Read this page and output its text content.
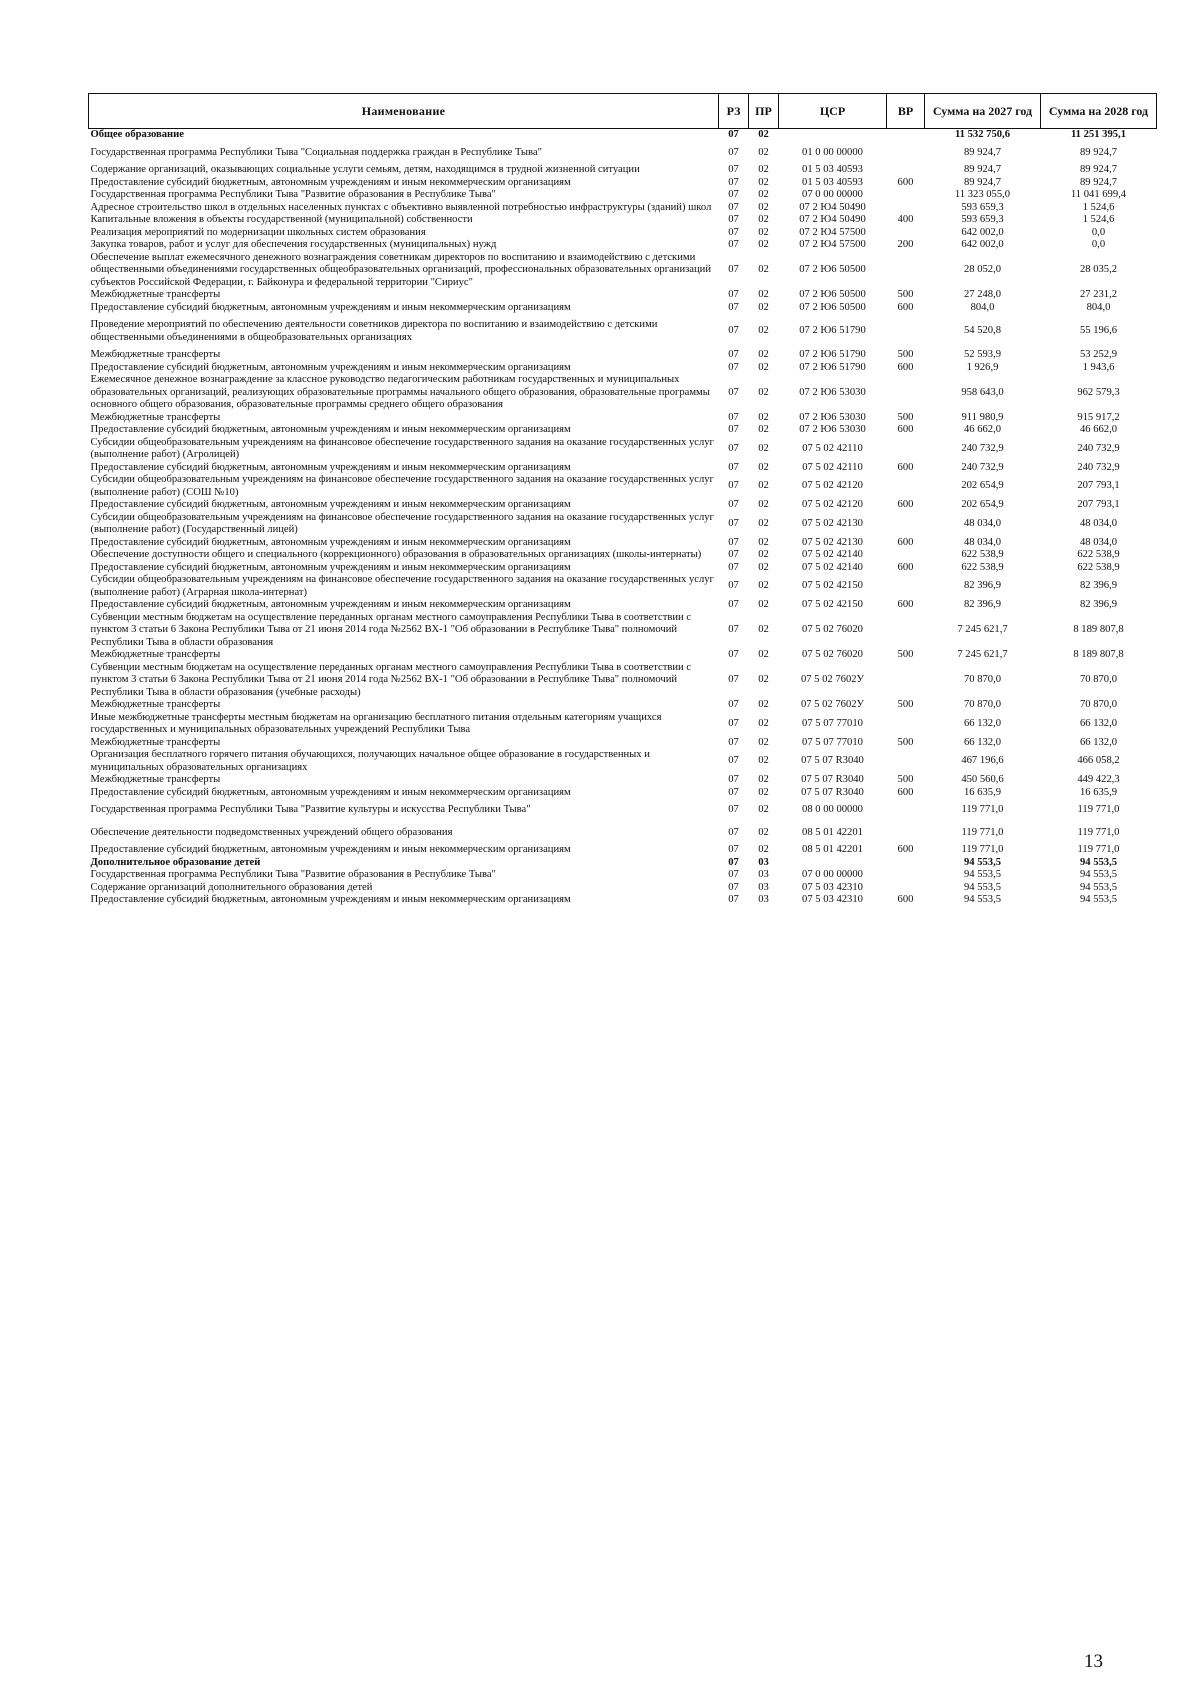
Наименование	РЗ	ПР	ЦСР	ВР	Сумма на 2027 год	Сумма на 2028 год
Общее образование	07	02			11 532 750,6	11 251 395,1
Государственная программа Республики Тыва "Социальная поддержка граждан в Республике Тыва"	07	02	01 0 00 00000		89 924,7	89 924,7
Содержание организаций, оказывающих социальные услуги семьям, детям, находящимся в трудной жизненной ситуации	07	02	01 5 03 40593		89 924,7	89 924,7
Предоставление субсидий бюджетным, автономным учреждениям и иным некоммерческим организациям	07	02	01 5 03 40593	600	89 924,7	89 924,7
Государственная программа Республики Тыва "Развитие образования в Республике Тыва"	07	02	07 0 00 00000		11 323 055,0	11 041 699,4
Адресное строительство школ в отдельных населенных пунктах с объективно выявленной потребностью инфраструктуры (зданий) школ	07	02	07 2 Ю4 50490		593 659,3	1 524,6
Капитальные вложения в объекты государственной (муниципальной) собственности	07	02	07 2 Ю4 50490	400	593 659,3	1 524,6
Реализация мероприятий по модернизации школьных систем образования	07	02	07 2 Ю4 57500		642 002,0	0,0
Закупка товаров, работ и услуг для обеспечения государственных (муниципальных) нужд	07	02	07 2 Ю4 57500	200	642 002,0	0,0
Обеспечение выплат ежемесячного денежного вознаграждения советникам директоров по воспитанию и взаимодействию с детскими общественными объединениями государственных общеобразовательных организаций, профессиональных образовательных организаций субъектов Российской Федерации, г. Байконура и федеральной территории "Сириус"	07	02	07 2 Ю6 50500		28 052,0	28 035,2
Межбюджетные трансферты	07	02	07 2 Ю6 50500	500	27 248,0	27 231,2
Предоставление субсидий бюджетным, автономным учреждениям и иным некоммерческим организациям	07	02	07 2 Ю6 50500	600	804,0	804,0
Проведение мероприятий по обеспечению деятельности советников директора по воспитанию и взаимодействию с детскими общественными объединениями в общеобразовательных организациях	07	02	07 2 Ю6 51790		54 520,8	55 196,6
Межбюджетные трансферты	07	02	07 2 Ю6 51790	500	52 593,9	53 252,9
Предоставление субсидий бюджетным, автономным учреждениям и иным некоммерческим организациям	07	02	07 2 Ю6 51790	600	1 926,9	1 943,6
Ежемесячное денежное вознаграждение за классное руководство педагогическим работникам государственных и муниципальных образовательных организаций, реализующих образовательные программы начального общего образования, образовательные программы основного общего образования, образовательные программы среднего общего образования	07	02	07 2 Ю6 53030		958 643,0	962 579,3
Межбюджетные трансферты	07	02	07 2 Ю6 53030	500	911 980,9	915 917,2
Предоставление субсидий бюджетным, автономным учреждениям и иным некоммерческим организациям	07	02	07 2 Ю6 53030	600	46 662,0	46 662,0
Субсидии общеобразовательным учреждениям на финансовое обеспечение государственного задания на оказание государственных услуг (выполнение работ) (Агролицей)	07	02	07 5 02 42110		240 732,9	240 732,9
Предоставление субсидий бюджетным, автономным учреждениям и иным некоммерческим организациям	07	02	07 5 02 42110	600	240 732,9	240 732,9
Субсидии общеобразовательным учреждениям на финансовое обеспечение государственного задания на оказание государственных услуг (выполнение работ) (СОШ №10)	07	02	07 5 02 42120		202 654,9	207 793,1
Предоставление субсидий бюджетным, автономным учреждениям и иным некоммерческим организациям	07	02	07 5 02 42120	600	202 654,9	207 793,1
Субсидии общеобразовательным учреждениям на финансовое обеспечение государственного задания на оказание государственных услуг (выполнение работ) (Государственный лицей)	07	02	07 5 02 42130		48 034,0	48 034,0
Предоставление субсидий бюджетным, автономным учреждениям и иным некоммерческим организациям	07	02	07 5 02 42130	600	48 034,0	48 034,0
Обеспечение доступности общего и специального (коррекционного) образования в образовательных организациях (школы-интернаты)	07	02	07 5 02 42140		622 538,9	622 538,9
Предоставление субсидий бюджетным, автономным учреждениям и иным некоммерческим организациям	07	02	07 5 02 42140	600	622 538,9	622 538,9
Субсидии общеобразовательным учреждениям на финансовое обеспечение государственного задания на оказание государственных услуг (выполнение работ) (Аграрная школа-интернат)	07	02	07 5 02 42150		82 396,9	82 396,9
Предоставление субсидий бюджетным, автономным учреждениям и иным некоммерческим организациям	07	02	07 5 02 42150	600	82 396,9	82 396,9
Субвенции местным бюджетам на осуществление переданных органам местного самоуправления Республики Тыва в соответствии с пунктом 3 статьи 6 Закона Республики Тыва от 21 июня 2014 года №2562 ВХ-1 "Об образовании в Республике Тыва" полномочий Республики Тыва в области образования	07	02	07 5 02 76020		7 245 621,7	8 189 807,8
Межбюджетные трансферты	07	02	07 5 02 76020	500	7 245 621,7	8 189 807,8
Субвенции местным бюджетам на осуществление переданных органам местного самоуправления Республики Тыва в соответствии с пунктом 3 статьи 6 Закона Республики Тыва от 21 июня 2014 года №2562 ВХ-1 "Об образовании в Республике Тыва" полномочий Республики Тыва в области образования (учебные расходы)	07	02	07 5 02 7602У		70 870,0	70 870,0
Межбюджетные трансферты	07	02	07 5 02 7602У	500	70 870,0	70 870,0
Иные межбюджетные трансферты местным бюджетам на организацию бесплатного питания отдельным категориям учащихся государственных и муниципальных образовательных учреждений Республики Тыва	07	02	07 5 07 77010		66 132,0	66 132,0
Межбюджетные трансферты	07	02	07 5 07 77010	500	66 132,0	66 132,0
Организация бесплатного горячего питания обучающихся, получающих начальное общее образование в государственных и муниципальных образовательных организациях	07	02	07 5 07 R3040		467 196,6	466 058,2
Межбюджетные трансферты	07	02	07 5 07 R3040	500	450 560,6	449 422,3
Предоставление субсидий бюджетным, автономным учреждениям и иным некоммерческим организациям	07	02	07 5 07 R3040	600	16 635,9	16 635,9
Государственная программа Республики Тыва "Развитие культуры и искусства Республики Тыва"	07	02	08 0 00 00000		119 771,0	119 771,0
Обеспечение деятельности подведомственных учреждений общего образования	07	02	08 5 01 42201		119 771,0	119 771,0
Предоставление субсидий бюджетным, автономным учреждениям и иным некоммерческим организациям	07	02	08 5 01 42201	600	119 771,0	119 771,0
Дополнительное образование детей	07	03			94 553,5	94 553,5
Государственная программа Республики Тыва "Развитие образования в Республике Тыва"	07	03	07 0 00 00000		94 553,5	94 553,5
Содержание организаций дополнительного образования детей	07	03	07 5 03 42310		94 553,5	94 553,5
Предоставление субсидий бюджетным, автономным учреждениям и иным некоммерческим организациям	07	03	07 5 03 42310	600	94 553,5	94 553,5
13
